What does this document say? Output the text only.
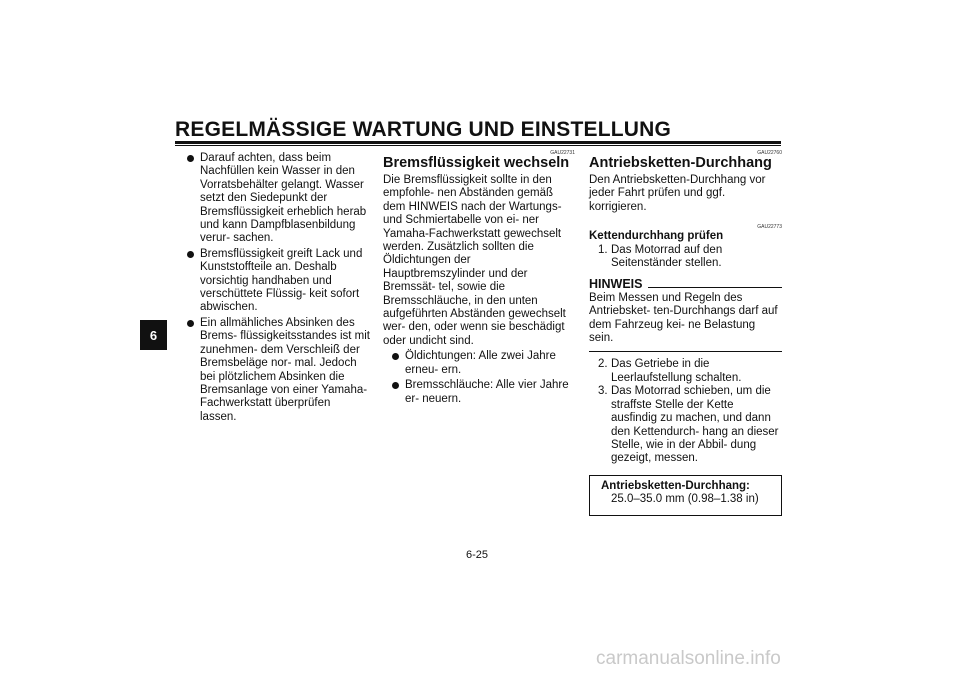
REGELMÄSSIGE WARTUNG UND EINSTELLUNG
6
Darauf achten, dass beim Nachfüllen kein Wasser in den Vorratsbehälter gelangt. Wasser setzt den Siedepunkt der Bremsflüssigkeit erheblich herab und kann Dampfblasenbildung verur- sachen.
Bremsflüssigkeit greift Lack und Kunststoffteile an. Deshalb vorsichtig handhaben und verschüttete Flüssig- keit sofort abwischen.
Ein allmähliches Absinken des Brems- flüssigkeitsstandes ist mit zunehmen- dem Verschleiß der Bremsbeläge nor- mal. Jedoch bei plötzlichem Absinken die Bremsanlage von einer Yamaha- Fachwerkstatt überprüfen lassen.
GAU22731
Bremsflüssigkeit wechseln

Die Bremsflüssigkeit sollte in den empfohle- nen Abständen gemäß dem HINWEIS nach der Wartungs- und Schmiertabelle von ei- ner Yamaha-Fachwerkstatt gewechselt werden. Zusätzlich sollten die Öldichtungen der Hauptbremszylinder und der Bremssät- tel, sowie die Bremsschläuche, in den unten aufgeführten Abständen gewechselt wer- den, oder wenn sie beschädigt oder undicht sind.

Öldichtungen: Alle zwei Jahre erneu- ern.
Bremsschläuche: Alle vier Jahre er- neuern.
GAU22760
Antriebsketten-Durchhang

Den Antriebsketten-Durchhang vor jeder Fahrt prüfen und ggf. korrigieren.

GAU22773
Kettendurchhang prüfen
1. Das Motorrad auf den Seitenständer stellen.
HINWEIS

Beim Messen und Regeln des Antriebsket- ten-Durchhangs darf auf dem Fahrzeug kei- ne Belastung sein.

2. Das Getriebe in die Leerlaufstellung schalten.
3. Das Motorrad schieben, um die straffste Stelle der Kette ausfindig zu machen, und dann den Kettendurch- hang an dieser Stelle, wie in der Abbil- dung gezeigt, messen.
Antriebsketten-Durchhang:
25.0–35.0 mm (0.98–1.38 in)
6-25
carmanualsonline.info
